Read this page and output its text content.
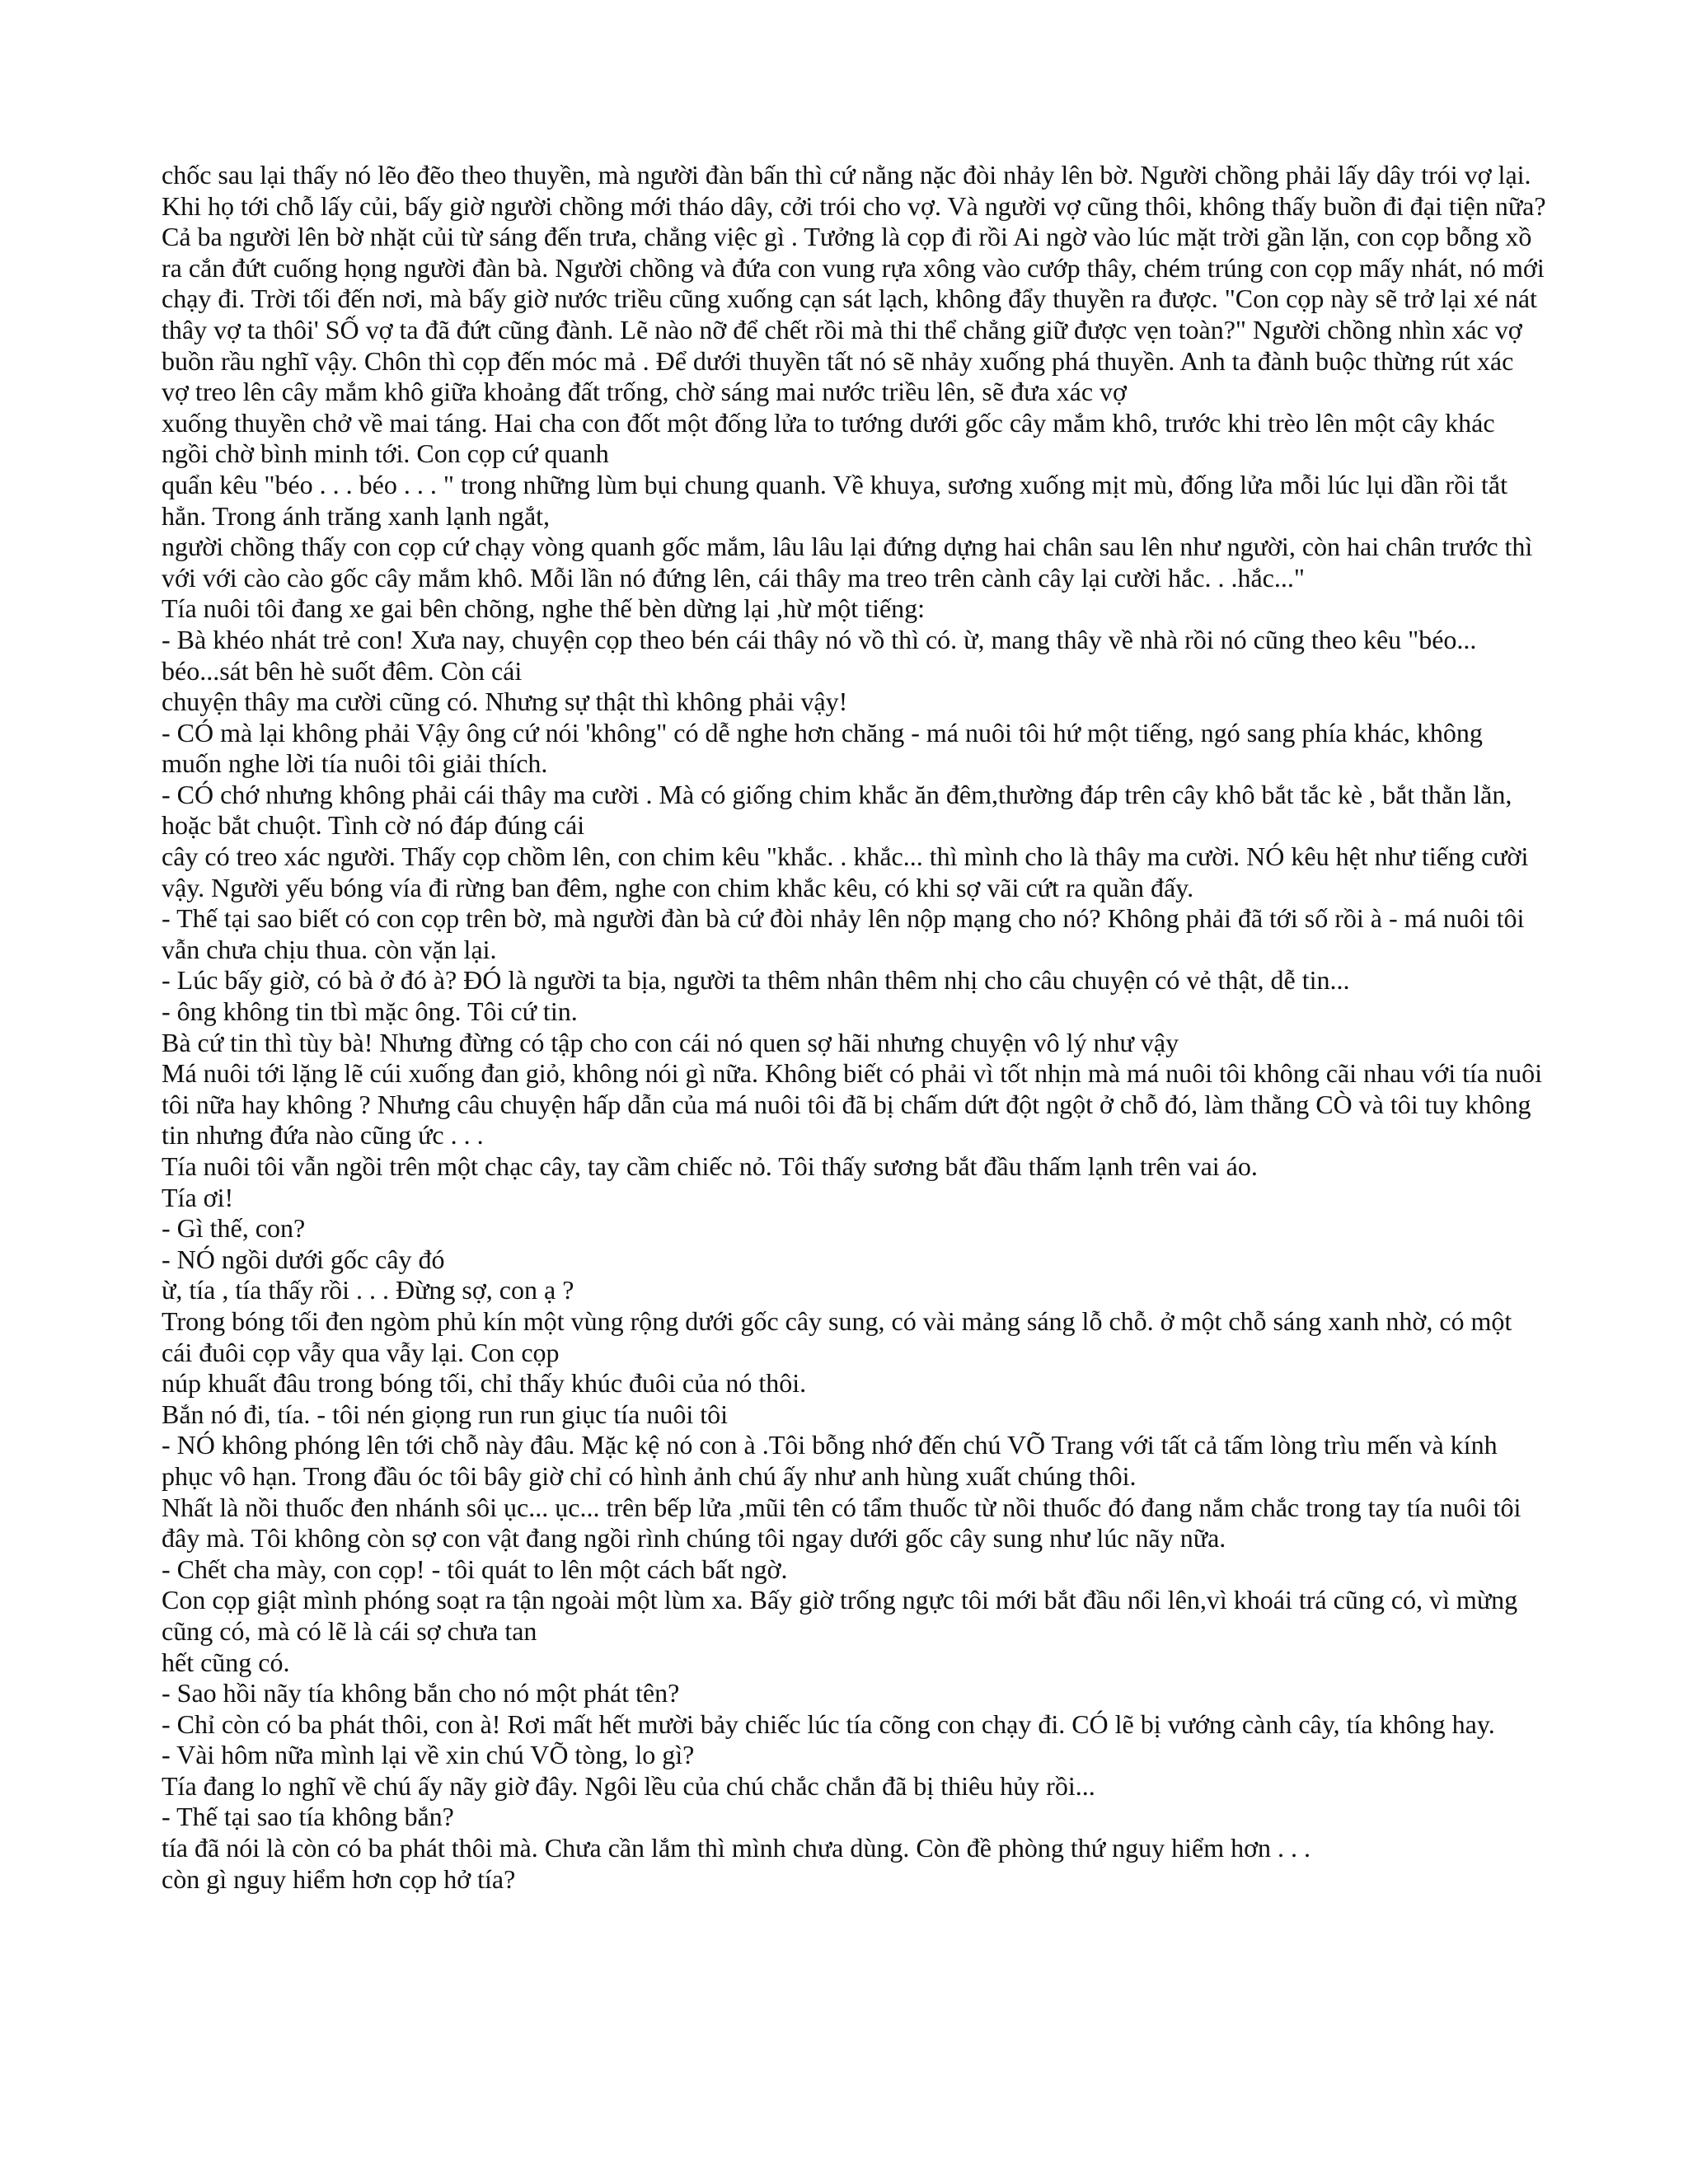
chốc sau lại thấy nó lẽo đẽo theo thuyền, mà người đàn bấn thì cứ nằng nặc đòi nhảy lên bờ. Người chồng phải lấy dây trói vợ lại. Khi họ tới chỗ lấy củi, bấy giờ người chồng mới tháo dây, cởi trói cho vợ. Và người vợ cũng thôi, không thấy buồn đi đại tiện nữa? Cả ba người lên bờ nhặt củi từ sáng đến trưa, chẳng việc gì . Tưởng là cọp đi rồi Ai ngờ vào lúc mặt trời gần lặn, con cọp bỗng xồ ra cắn đứt cuống họng người đàn bà. Người chồng và đứa con vung rựa xông vào cướp thây, chém trúng con cọp mấy nhát, nó mới chạy đi. Trời tối đến nơi, mà bấy giờ nước triều cũng xuống cạn sát lạch, không đẩy thuyền ra được. "Con cọp này sẽ trở lại xé nát thây vợ ta thôi' SỐ vợ ta đã đứt cũng đành. Lẽ nào nỡ để chết rồi mà thi thể chẳng giữ được vẹn toàn?" Người chồng nhìn xác vợ buồn rầu nghĩ vậy. Chôn thì cọp đến móc mả . Để dưới thuyền tất nó sẽ nhảy xuống phá thuyền. Anh ta đành buộc thừng rút xác vợ treo lên cây mắm khô giữa khoảng đất trống, chờ sáng mai nước triều lên, sẽ đưa xác vợ

xuống thuyền chở về mai táng. Hai cha con đốt một đống lửa to tướng dưới gốc cây mắm khô, trước khi trèo lên một cây khác ngồi chờ bình minh tới. Con cọp cứ quanh

quẩn kêu "béo . . . béo . . . " trong những lùm bụi chung quanh. Về khuya, sương xuống mịt mù, đống lửa mỗi lúc lụi dần rồi tắt hẳn. Trong ánh trăng xanh lạnh ngắt,

người chồng thấy con cọp cứ chạy vòng quanh gốc mắm, lâu lâu lại đứng dựng hai chân sau lên như người, còn hai chân trước thì với với cào cào gốc cây mắm khô. Mỗi lần nó đứng lên, cái thây ma treo trên cành cây lại cười hắc. . .hắc..."

Tía nuôi tôi đang xe gai bên chõng, nghe thế bèn dừng lại ,hừ một tiếng:

- Bà khéo nhát trẻ con! Xưa nay, chuyện cọp theo bén cái thây nó vồ thì có. ừ, mang thây về nhà rồi nó cũng theo kêu "béo... béo...sát bên hè suốt đêm. Còn cái

chuyện thây ma cười cũng có. Nhưng sự thật thì không phải vậy!

- CÓ mà lại không phải Vậy ông cứ nói 'không" có dễ nghe hơn chăng - má nuôi tôi hứ một tiếng, ngó sang phía khác, không muốn nghe lời tía nuôi tôi giải thích.

- CÓ chớ nhưng không phải cái thây ma cười . Mà có giống chim khắc ăn đêm,thường đáp trên cây khô bắt tắc kè , bắt thằn lằn, hoặc bắt chuột. Tình cờ nó đáp đúng cái

cây có treo xác người. Thấy cọp chồm lên, con chim kêu "khắc. . khắc... thì mình cho là thây ma cười. NÓ kêu hệt như tiếng cười vậy. Người yếu bóng vía đi rừng ban đêm, nghe con chim khắc kêu, có khi sợ vãi cứt ra quần đấy.

- Thế tại sao biết có con cọp trên bờ, mà người đàn bà cứ đòi nhảy lên nộp mạng cho nó? Không phải đã tới số rồi à - má nuôi tôi vẫn chưa chịu thua. còn vặn lại.

- Lúc bấy giờ, có bà ở đó à? ĐÓ là người ta bịa, người ta thêm nhân thêm nhị cho câu chuyện có vẻ thật, dễ tin...

- ông không tin tbì mặc ông. Tôi cứ tin.

Bà cứ tin thì tùy bà! Nhưng đừng có tập cho con cái nó quen sợ hãi nhưng chuyện vô lý như vậy

Má nuôi tới lặng lẽ cúi xuống đan giỏ, không nói gì nữa. Không biết có phải vì tốt nhịn mà má nuôi tôi không cãi nhau với tía nuôi tôi nữa hay không ? Nhưng câu chuyện hấp dẫn của má nuôi tôi đã bị chấm dứt đột ngột ở chỗ đó, làm thằng CÒ và tôi tuy không tin nhưng đứa nào cũng ức . . .

Tía nuôi tôi vẫn ngồi trên một chạc cây, tay cầm chiếc nỏ. Tôi thấy sương bắt đầu thấm lạnh trên vai áo.

Tía ơi!

- Gì thế, con?

- NÓ ngồi dưới gốc cây đó

ừ, tía , tía thấy rồi . . . Đừng sợ, con ạ ?

Trong bóng tối đen ngòm phủ kín một vùng rộng dưới gốc cây sung, có vài mảng sáng lỗ chỗ. ở một chỗ sáng xanh nhờ, có một cái đuôi cọp vẫy qua vẫy lại. Con cọp

núp khuất đâu trong bóng tối, chỉ thấy khúc đuôi của nó thôi.

Bắn nó đi, tía. - tôi nén giọng run run giục tía nuôi tôi

- NÓ không phóng lên tới chỗ này đâu. Mặc kệ nó con à .Tôi bỗng nhớ đến chú VÕ Trang với tất cả tấm lòng trìu mến và kính phục vô hạn. Trong đầu óc tôi bây giờ chỉ có hình ảnh chú ấy như anh hùng xuất chúng thôi.

Nhất là nồi thuốc đen nhánh sôi ục... ục... trên bếp lửa ,mũi tên có tẩm thuốc từ nồi thuốc đó đang nắm chắc trong tay tía nuôi tôi đây mà. Tôi không còn sợ con vật đang ngồi rình chúng tôi ngay dưới gốc cây sung như lúc nãy nữa.

- Chết cha mày, con cọp! - tôi quát to lên một cách bất ngờ.

Con cọp giật mình phóng soạt ra tận ngoài một lùm xa. Bấy giờ trống ngực tôi mới bắt đầu nổi lên,vì khoái trá cũng có, vì mừng cũng có, mà có lẽ là cái sợ chưa tan

hết cũng có.

- Sao hồi nãy tía không bắn cho nó một phát tên?

- Chỉ còn có ba phát thôi, con à! Rơi mất hết mười bảy chiếc lúc tía cõng con chạy đi. CÓ lẽ bị vướng cành cây, tía không hay.

- Vài hôm nữa mình lại về xin chú VÕ tòng, lo gì?

Tía đang lo nghĩ về chú ấy nãy giờ đây. Ngôi lều của chú chắc chắn đã bị thiêu hủy rồi...

- Thế tại sao tía không bắn?

tía đã nói là còn có ba phát thôi mà. Chưa cần lắm thì mình chưa dùng. Còn đề phòng thứ nguy hiểm hơn . . .

còn gì nguy hiểm hơn cọp hở tía?
